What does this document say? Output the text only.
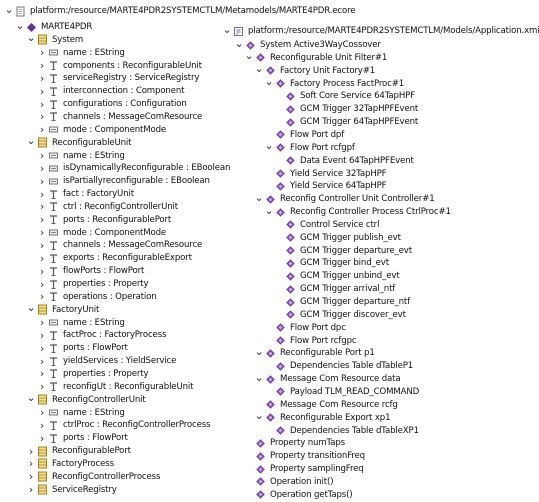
⌄
platform:/resource/MARTE4PDR2SYSTEMCTLM/Metamodels/MARTE4PDR.ecore
⌄
MARTE4PDR
⌄
System
›
name : EString
›
components : ReconfigurableUnit
›
serviceRegistry : ServiceRegistry
›
interconnection : Component
›
configurations : Configuration
›
channels : MessageComResource
›
mode : ComponentMode
⌄
ReconfigurableUnit
›
name : EString
›
isDynamicallyReconfigurable : EBoolean
›
isPartiallyreconfigurable : EBoolean
›
fact : FactoryUnit
›
ctrl : ReconfigControllerUnit
›
ports : ReconfigurablePort
›
mode : ComponentMode
›
channels : MessageComResource
›
exports : ReconfigurableExport
›
flowPorts : FlowPort
›
properties : Property
›
operations : Operation
⌄
FactoryUnit
›
name : EString
›
factProc : FactoryProcess
›
ports : FlowPort
›
yieldServices : YieldService
›
properties : Property
›
reconfigUt : ReconfigurableUnit
⌄
ReconfigControllerUnit
›
name : EString
›
ctrlProc : ReconfigControllerProcess
›
ports : FlowPort
›
ReconfigurablePort
›
FactoryProcess
›
ReconfigControllerProcess
›
ServiceRegistry
⌄
platform:/resource/MARTE4PDR2SYSTEMCTLM/Models/Application.xmi
⌄
System Active3WayCossover
⌄
Reconfigurable Unit Filter#1
⌄
Factory Unit Factory#1
⌄
Factory Process FactProc#1
Soft Core Service 64TapHPF
GCM Trigger 32TapHPFEvent
GCM Trigger 64TapHPFEvent
Flow Port dpf
⌄
Flow Port rcfgpf
Data Event 64TapHPFEvent
Yield Service 32TapHPF
Yield Service 64TapHPF
⌄
Reconfig Controller Unit Controller#1
⌄
Reconfig Controller Process CtrlProc#1
Control Service ctrl
GCM Trigger publish_evt
GCM Trigger departure_evt
GCM Trigger bind_evt
GCM Trigger unbind_evt
GCM Trigger arrival_ntf
GCM Trigger departure_ntf
GCM Trigger discover_evt
Flow Port dpc
Flow Port rcfgpc
⌄
Reconfigurable Port p1
Dependencies Table dTableP1
⌄
Message Com Resource data
Payload TLM_READ_COMMAND
Message Com Resource rcfg
⌄
Reconfigurable Export xp1
Dependencies Table dTableXP1
Property numTaps
Property transitionFreq
Property samplingFreq
Operation init()
Operation getTaps()
